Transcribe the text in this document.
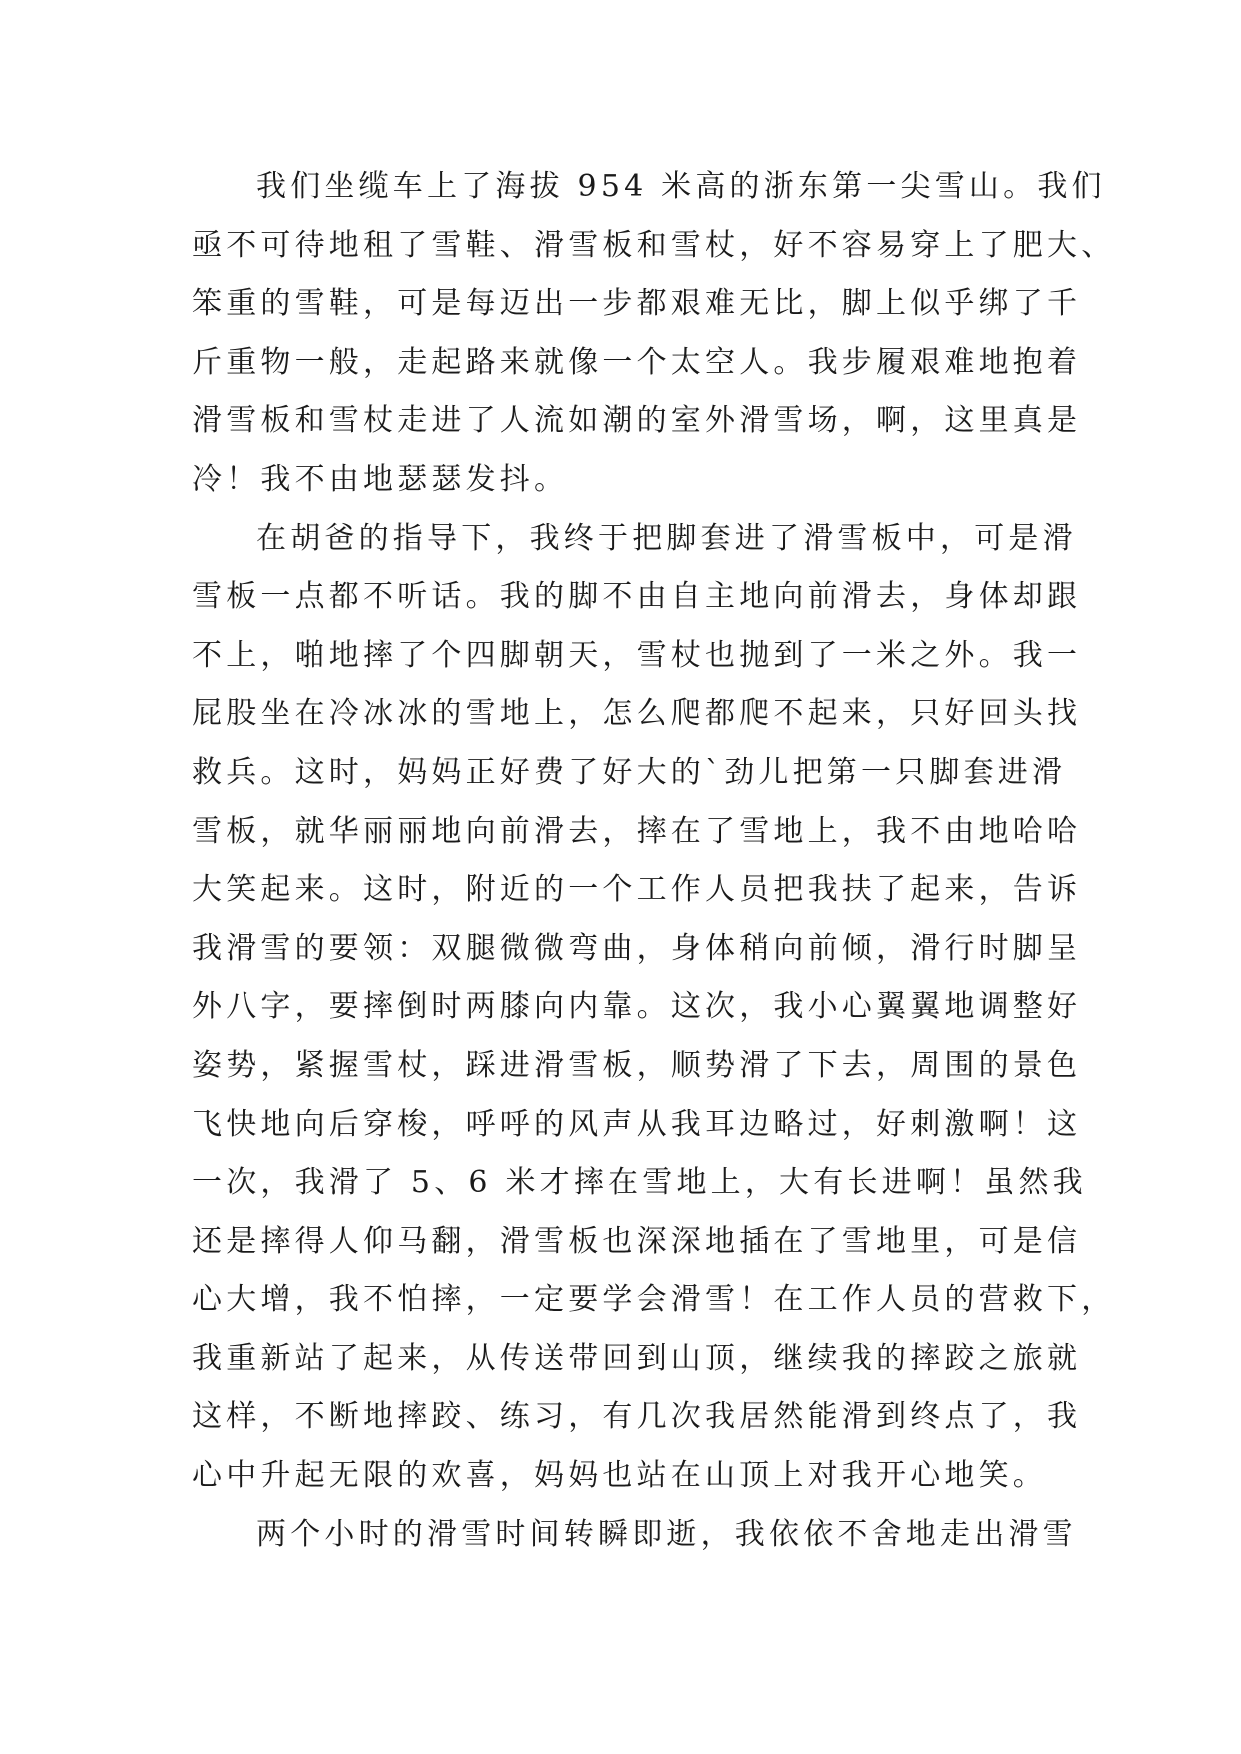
我们坐缆车上了海拔 954 米高的浙东第一尖雪山。我们
亟不可待地租了雪鞋、滑雪板和雪杖，好不容易穿上了肥大、
笨重的雪鞋，可是每迈出一步都艰难无比，脚上似乎绑了千
斤重物一般，走起路来就像一个太空人。我步履艰难地抱着
滑雪板和雪杖走进了人流如潮的室外滑雪场，啊，这里真是
冷！我不由地瑟瑟发抖。
在胡爸的指导下，我终于把脚套进了滑雪板中，可是滑
雪板一点都不听话。我的脚不由自主地向前滑去，身体却跟
不上，啪地摔了个四脚朝天，雪杖也抛到了一米之外。我一
屁股坐在冷冰冰的雪地上，怎么爬都爬不起来，只好回头找
救兵。这时，妈妈正好费了好大的`劲儿把第一只脚套进滑
雪板，就华丽丽地向前滑去，摔在了雪地上，我不由地哈哈
大笑起来。这时，附近的一个工作人员把我扶了起来，告诉
我滑雪的要领：双腿微微弯曲，身体稍向前倾，滑行时脚呈
外八字，要摔倒时两膝向内靠。这次，我小心翼翼地调整好
姿势，紧握雪杖，踩进滑雪板，顺势滑了下去，周围的景色
飞快地向后穿梭，呼呼的风声从我耳边略过，好刺激啊！这
一次，我滑了 5、6 米才摔在雪地上，大有长进啊！虽然我
还是摔得人仰马翻，滑雪板也深深地插在了雪地里，可是信
心大增，我不怕摔，一定要学会滑雪！在工作人员的营救下，
我重新站了起来，从传送带回到山顶，继续我的摔跤之旅就
这样，不断地摔跤、练习，有几次我居然能滑到终点了，我
心中升起无限的欢喜，妈妈也站在山顶上对我开心地笑。
两个小时的滑雪时间转瞬即逝，我依依不舍地走出滑雪
